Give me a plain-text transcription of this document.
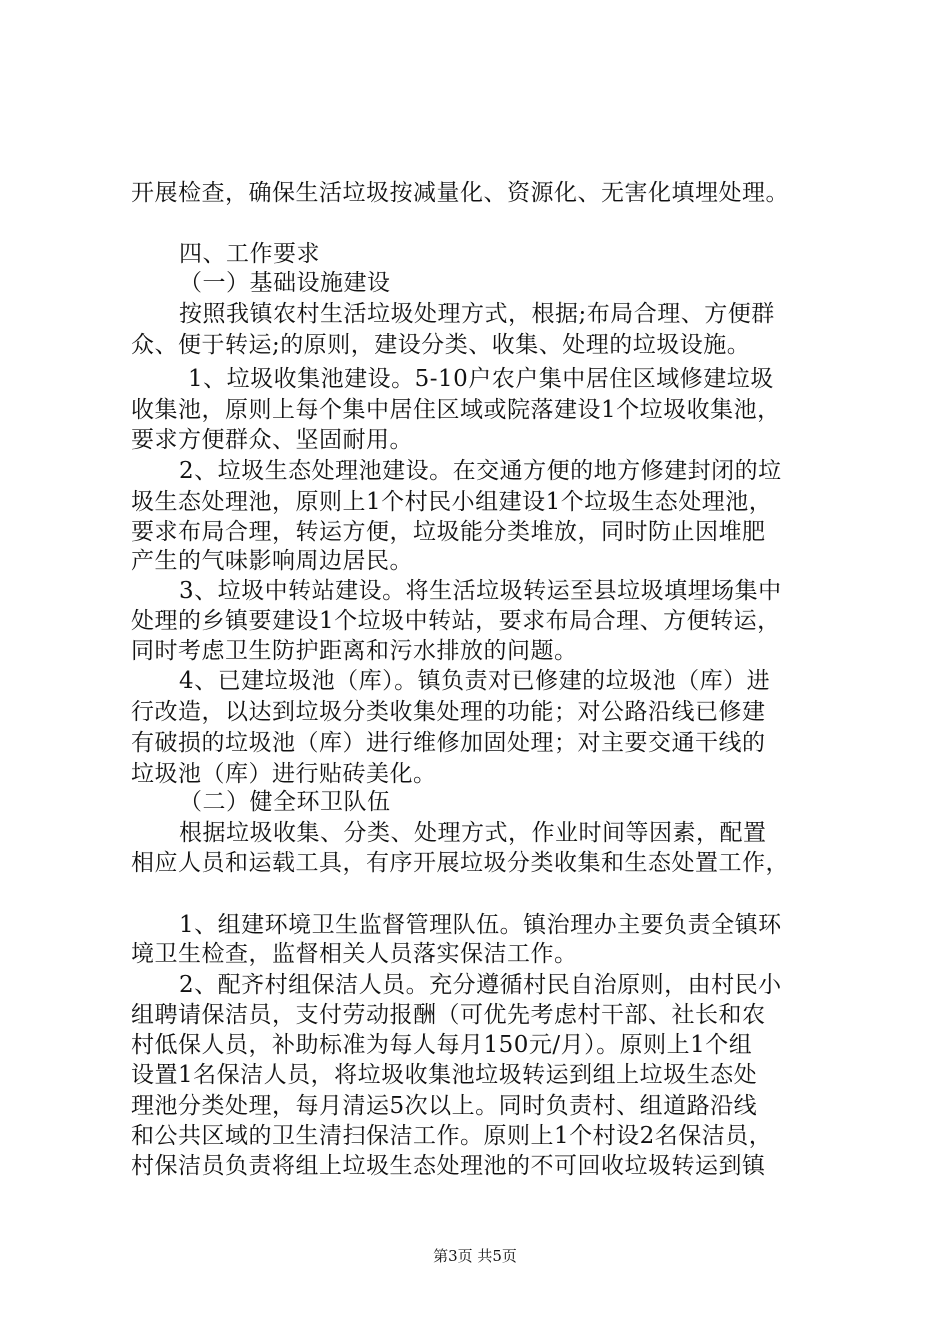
开展检查，确保生活垃圾按减量化、资源化、无害化填埋处理。
四、工作要求
（一）基础设施建设
按照我镇农村生活垃圾处理方式，根据;布局合理、方便群
众、便于转运;的原则，建设分类、收集、处理的垃圾设施。
1、垃圾收集池建设。5-10户农户集中居住区域修建垃圾
收集池，原则上每个集中居住区域或院落建设1个垃圾收集池，
要求方便群众、坚固耐用。
2、垃圾生态处理池建设。在交通方便的地方修建封闭的垃
圾生态处理池，原则上1个村民小组建设1个垃圾生态处理池，
要求布局合理，转运方便，垃圾能分类堆放，同时防止因堆肥
产生的气味影响周边居民。
3、垃圾中转站建设。将生活垃圾转运至县垃圾填埋场集中
处理的乡镇要建设1个垃圾中转站，要求布局合理、方便转运，
同时考虑卫生防护距离和污水排放的问题。
4、已建垃圾池（库）。镇负责对已修建的垃圾池（库）进
行改造，以达到垃圾分类收集处理的功能；对公路沿线已修建
有破损的垃圾池（库）进行维修加固处理；对主要交通干线的
垃圾池（库）进行贴砖美化。
（二）健全环卫队伍
根据垃圾收集、分类、处理方式，作业时间等因素，配置
相应人员和运载工具，有序开展垃圾分类收集和生态处置工作，
1、组建环境卫生监督管理队伍。镇治理办主要负责全镇环
境卫生检查，监督相关人员落实保洁工作。
2、配齐村组保洁人员。充分遵循村民自治原则，由村民小
组聘请保洁员，支付劳动报酬（可优先考虑村干部、社长和农
村低保人员，补助标准为每人每月150元/月）。原则上1个组
设置1名保洁人员，将垃圾收集池垃圾转运到组上垃圾生态处
理池分类处理，每月清运5次以上。同时负责村、组道路沿线
和公共区域的卫生清扫保洁工作。原则上1个村设2名保洁员，
村保洁员负责将组上垃圾生态处理池的不可回收垃圾转运到镇
第3页 共5页
